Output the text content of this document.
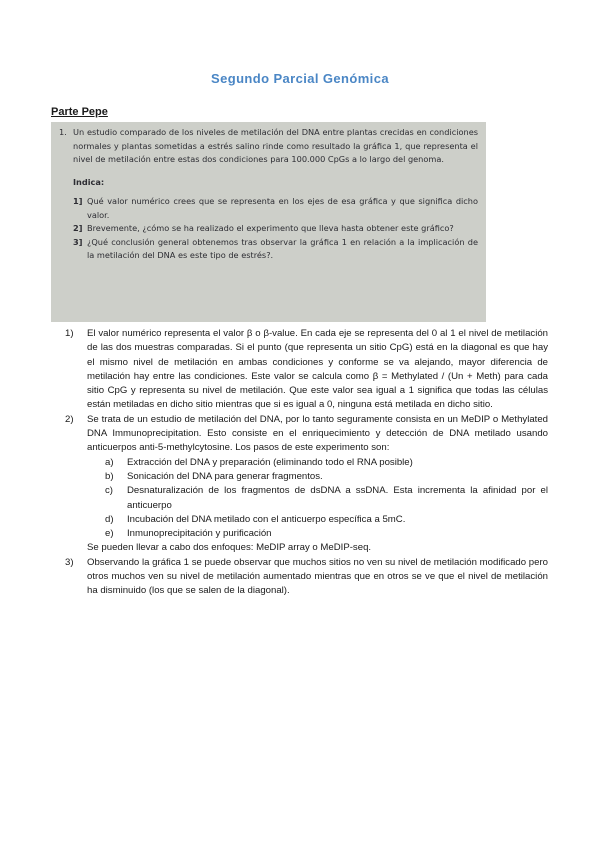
Segundo Parcial Genómica
Parte Pepe
1. Un estudio comparado de los niveles de metilación del DNA entre plantas crecidas en condiciones normales y plantas sometidas a estrés salino rinde como resultado la gráfica 1, que representa el nivel de metilación entre estas dos condiciones para 100.000 CpGs a lo largo del genoma.
Indica:
1] Qué valor numérico crees que se representa en los ejes de esa gráfica y que significa dicho valor.
2] Brevemente, ¿cómo se ha realizado el experimento que lleva hasta obtener este gráfico?
3] ¿Qué conclusión general obtenemos tras observar la gráfica 1 en relación a la implicación de la metilación del DNA es este tipo de estrés?.
1)	El valor numérico representa el valor β o β-value. En cada eje se representa del 0 al 1 el nivel de metilación de las dos muestras comparadas. Si el punto (que representa un sitio CpG) está en la diagonal es que hay el mismo nivel de metilación en ambas condiciones y conforme se va alejando, mayor diferencia de metilación hay entre las condiciones. Este valor se calcula como β = Methylated / (Un + Meth) para cada sitio CpG y representa su nivel de metilación. Que este valor sea igual a 1 significa que todas las células están metiladas en dicho sitio mientras que si es igual a 0, ninguna está metilada en dicho sitio.
2)	Se trata de un estudio de metilación del DNA, por lo tanto seguramente consista en un MeDIP o Methylated DNA Immunoprecipitation. Esto consiste en el enriquecimiento y detección de DNA metilado usando anticuerpos anti-5-methylcytosine. Los pasos de este experimento son:
a)	Extracción del DNA y preparación (eliminando todo el RNA posible)
b)	Sonicación del DNA para generar fragmentos.
c)	Desnaturalización de los fragmentos de dsDNA a ssDNA. Esta incrementa la afinidad por el anticuerpo
d)	Incubación del DNA metilado con el anticuerpo específica a 5mC.
e)	Inmunoprecipitación y purificación
Se pueden llevar a cabo dos enfoques: MeDIP array o MeDIP-seq.
3)	Observando la gráfica 1 se puede observar que muchos sitios no ven su nivel de metilación modificado pero otros muchos ven su nivel de metilación aumentado mientras que en otros se ve que el nivel de metilación ha disminuido (los que se salen de la diagonal).
